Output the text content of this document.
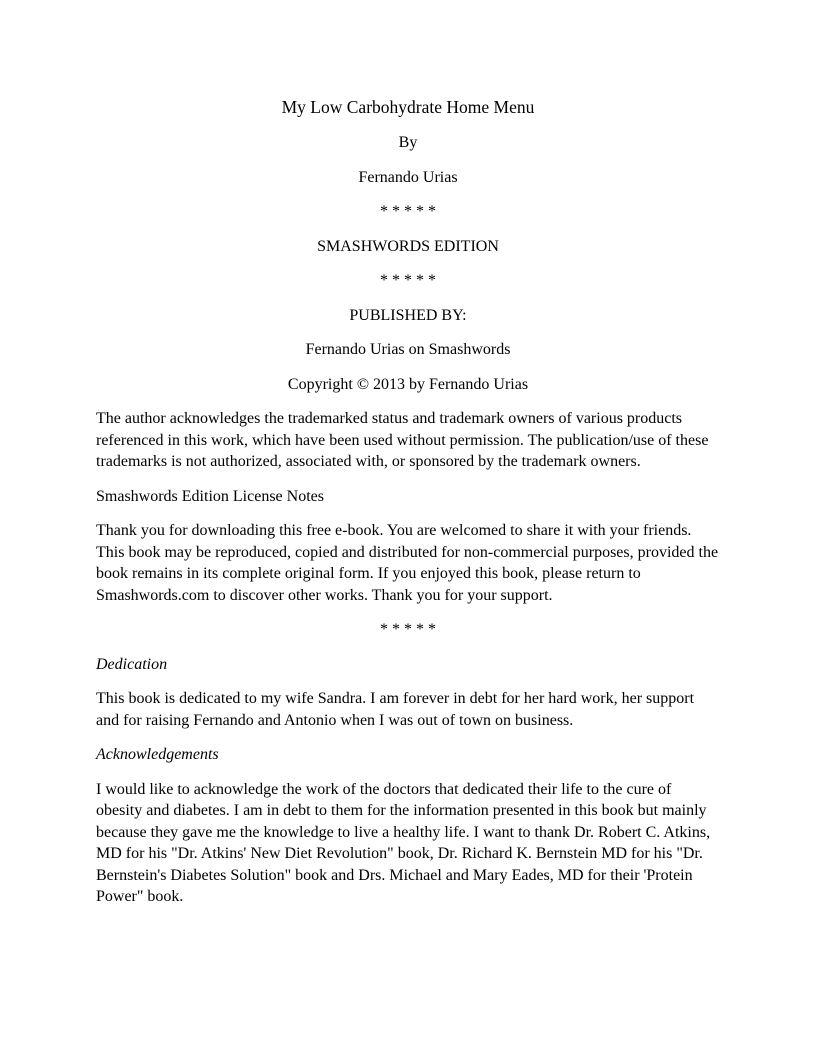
My Low Carbohydrate Home Menu

By

Fernando Urias

* * * * *

SMASHWORDS EDITION

* * * * *

PUBLISHED BY:

Fernando Urias on Smashwords

Copyright © 2013 by Fernando Urias

The author acknowledges the trademarked status and trademark owners of various products referenced in this work, which have been used without permission. The publication/use of these trademarks is not authorized, associated with, or sponsored by the trademark owners.

Smashwords Edition License Notes

Thank you for downloading this free e-book. You are welcomed to share it with your friends. This book may be reproduced, copied and distributed for non-commercial purposes, provided the book remains in its complete original form. If you enjoyed this book, please return to Smashwords.com to discover other works. Thank you for your support.

* * * * *

Dedication

This book is dedicated to my wife Sandra. I am forever in debt for her hard work, her support and for raising Fernando and Antonio when I was out of town on business.

Acknowledgements

I would like to acknowledge the work of the doctors that dedicated their life to the cure of obesity and diabetes. I am in debt to them for the information presented in this book but mainly because they gave me the knowledge to live a healthy life. I want to thank Dr. Robert C. Atkins, MD for his "Dr. Atkins' New Diet Revolution" book, Dr. Richard K. Bernstein MD for his "Dr. Bernstein's Diabetes Solution" book and Drs. Michael and Mary Eades, MD for their 'Protein Power" book.
